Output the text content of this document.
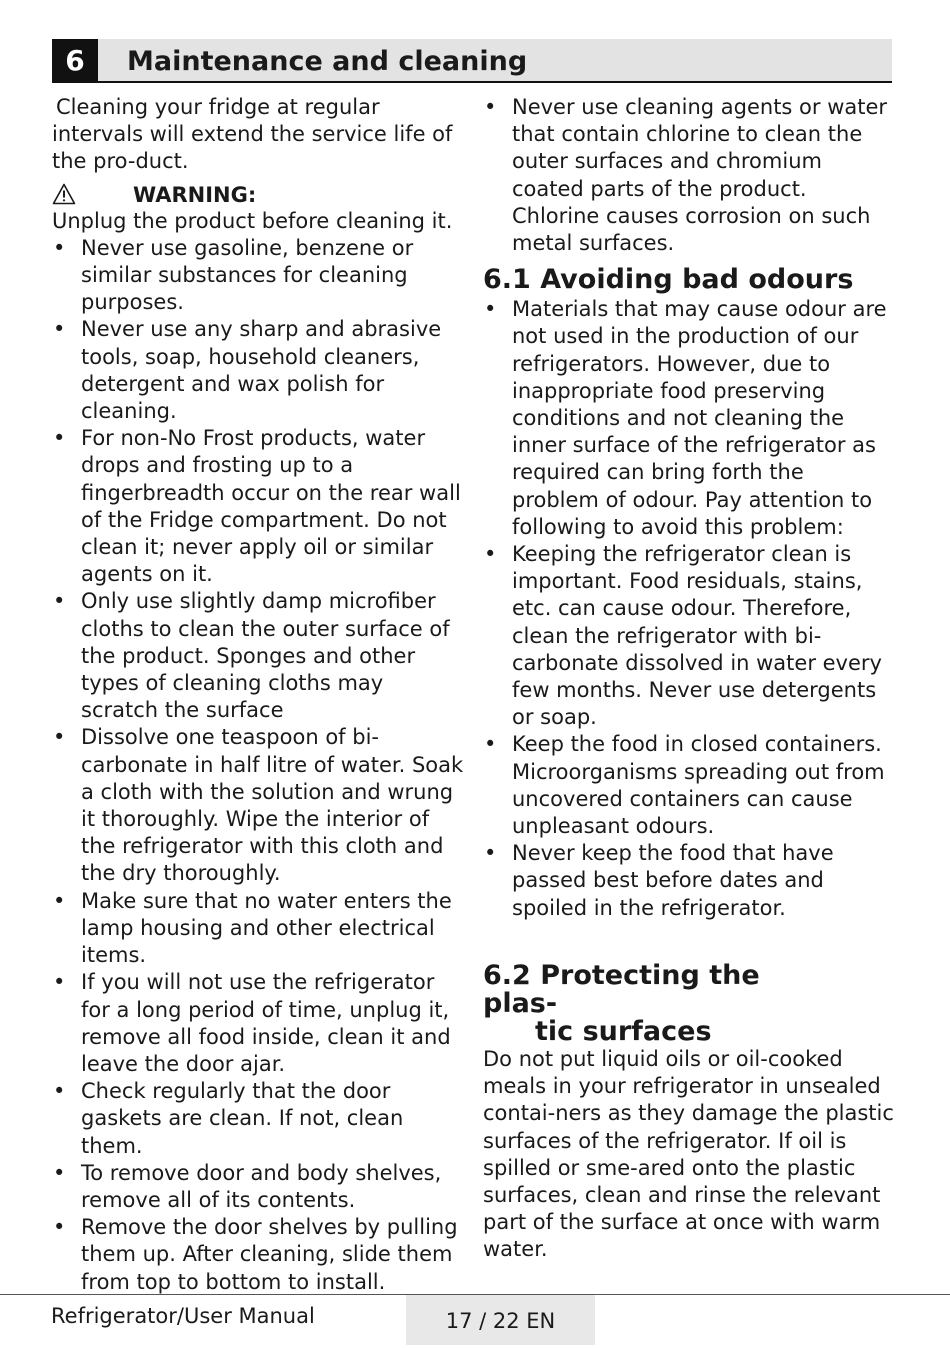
6	Maintenance and cleaning

Cleaning your fridge at regular intervals will extend the service life of the pro-duct.

WARNING:

Unplug the product before cleaning it.

• Never use gasoline, benzene or similar substances for cleaning purposes.
• Never use any sharp and abrasive tools, soap, household cleaners, detergent and wax polish for cleaning.
• For non-No Frost products, water drops and frosting up to a fingerbreadth occur on the rear wall of the Fridge compartment. Do not clean it; never apply oil or similar agents on it.
• Only use slightly damp microfiber cloths to clean the outer surface of the product. Sponges and other types of cleaning cloths may scratch the surface
• Dissolve one teaspoon of bi-carbonate in half litre of water. Soak a cloth with the solution and wrung it thoroughly. Wipe the interior of the refrigerator with this cloth and the dry thoroughly.
• Make sure that no water enters the lamp housing and other electrical items.
• If you will not use the refrigerator for a long period of time, unplug it, remove all food inside, clean it and leave the door ajar.
• Check regularly that the door gaskets are clean. If not, clean them.
• To remove door and body shelves, remove all of its contents.
• Remove the door shelves by pulling them up. After cleaning, slide them from top to bottom to install.
• Never use cleaning agents or water that contain chlorine to clean the outer surfaces and chromium coated parts of the product. Chlorine causes corrosion on such metal surfaces.
6.1 Avoiding bad odours
• Materials that may cause odour are not used in the production of our refrigerators. However, due to inappropriate food preserving conditions and not cleaning the inner surface of the refrigerator as required can bring forth the problem of odour. Pay attention to following to avoid this problem:
• Keeping the refrigerator clean is important. Food residuals, stains, etc. can cause odour. Therefore, clean the refrigerator with bi-carbonate dissolved in water every few months. Never use detergents or soap.
• Keep the food in closed containers. Microorganisms spreading out from uncovered containers can cause unpleasant odours.
• Never keep the food that have passed best before dates and spoiled in the refrigerator.
6.2 Protecting the plas-
tic surfaces

Do not put liquid oils or oil-cooked meals in your refrigerator in unsealed contai-ners as they damage the plastic surfaces of the refrigerator. If oil is spilled or sme-ared onto the plastic surfaces, clean and rinse the relevant part of the surface at once with warm water.

Refrigerator/User Manual	17 / 22 EN
